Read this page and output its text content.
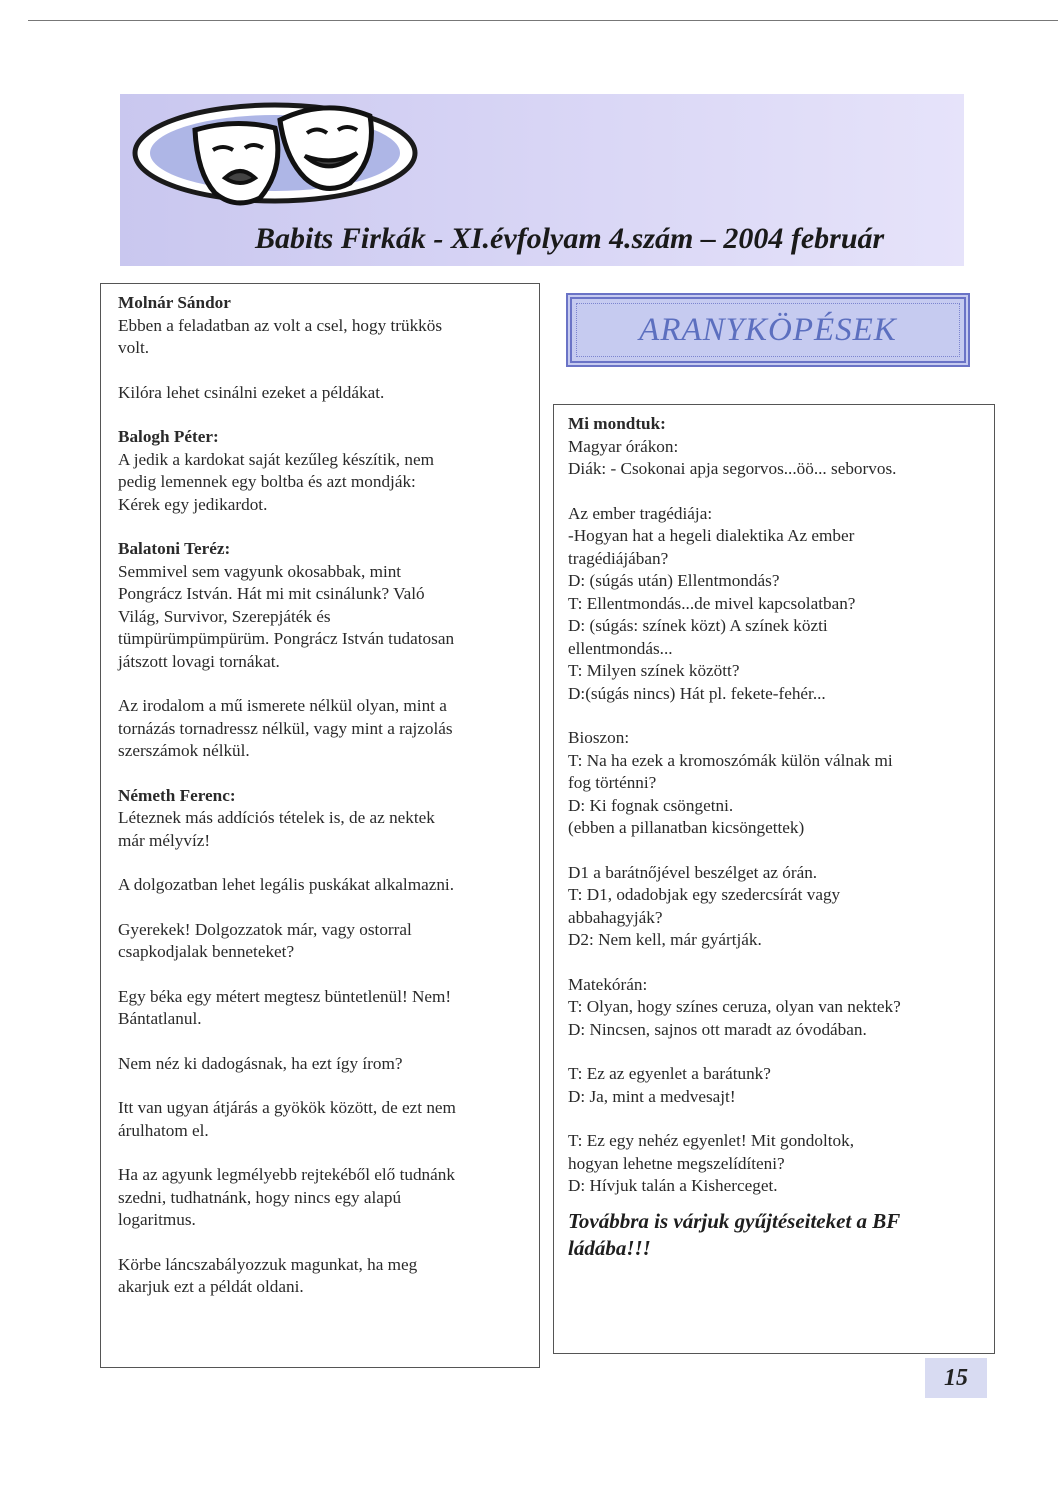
Babits Firkák - XI.évfolyam 4.szám – 2004 február

Molnár Sándor

Ebben a feladatban az volt a csel, hogy trükkös

volt.

Kilóra lehet csinálni ezeket a példákat.

Balogh Péter:

A jedik a kardokat saját kezűleg készítik, nem

pedig lemennek egy boltba és azt mondják:

Kérek egy jedikardot.

Balatoni Teréz:

Semmivel sem vagyunk okosabbak, mint

Pongrácz István. Hát mi mit csinálunk? Való

Világ, Survivor, Szerepjáték és

tümpürümpümpürüm. Pongrácz István tudatosan

játszott lovagi tornákat.

Az irodalom a mű ismerete nélkül olyan, mint a

tornázás tornadressz nélkül, vagy mint a rajzolás

szerszámok nélkül.

Németh Ferenc:

Léteznek más addíciós tételek is, de az nektek

már mélyvíz!

A dolgozatban lehet legális puskákat alkalmazni.

Gyerekek! Dolgozzatok már, vagy ostorral

csapkodjalak benneteket?

Egy béka egy métert megtesz büntetlenül! Nem!

Bántatlanul.

Nem néz ki dadogásnak, ha ezt így írom?

Itt van ugyan átjárás a gyökök között, de ezt nem

árulhatom el.

Ha az agyunk legmélyebb rejtekéből elő tudnánk

szedni, tudhatnánk, hogy nincs egy alapú

logaritmus.

Körbe láncszabályozzuk magunkat, ha meg

akarjuk ezt a példát oldani.

ARANYKÖPÉSEK

Mi mondtuk:

Magyar órákon:

Diák: - Csokonai apja segorvos...öö... seborvos.

Az ember tragédiája:

-Hogyan hat a hegeli dialektika Az ember

tragédiájában?

D: (súgás után) Ellentmondás?

T: Ellentmondás...de mivel kapcsolatban?

D: (súgás: színek közt) A színek közti

ellentmondás...

T: Milyen színek között?

D:(súgás nincs) Hát pl. fekete-fehér...

Bioszon:

T: Na ha ezek a kromoszómák külön válnak mi

fog történni?

D: Ki fognak csöngetni.

(ebben a pillanatban kicsöngettek)

D1 a barátnőjével beszélget az órán.

T: D1, odadobjak egy szedercsírát vagy

abbahagyják?

D2: Nem kell, már gyártják.

Matekórán:

T: Olyan, hogy színes ceruza, olyan van nektek?

D: Nincsen, sajnos ott maradt az óvodában.

T: Ez az egyenlet a barátunk?

D: Ja, mint a medvesajt!

T: Ez egy nehéz egyenlet! Mit gondoltok,

hogyan lehetne megszelídíteni?

D: Hívjuk talán a Kisherceget.

Továbbra is várjuk gyűjtéseiteket a BF ládába!!!
15
